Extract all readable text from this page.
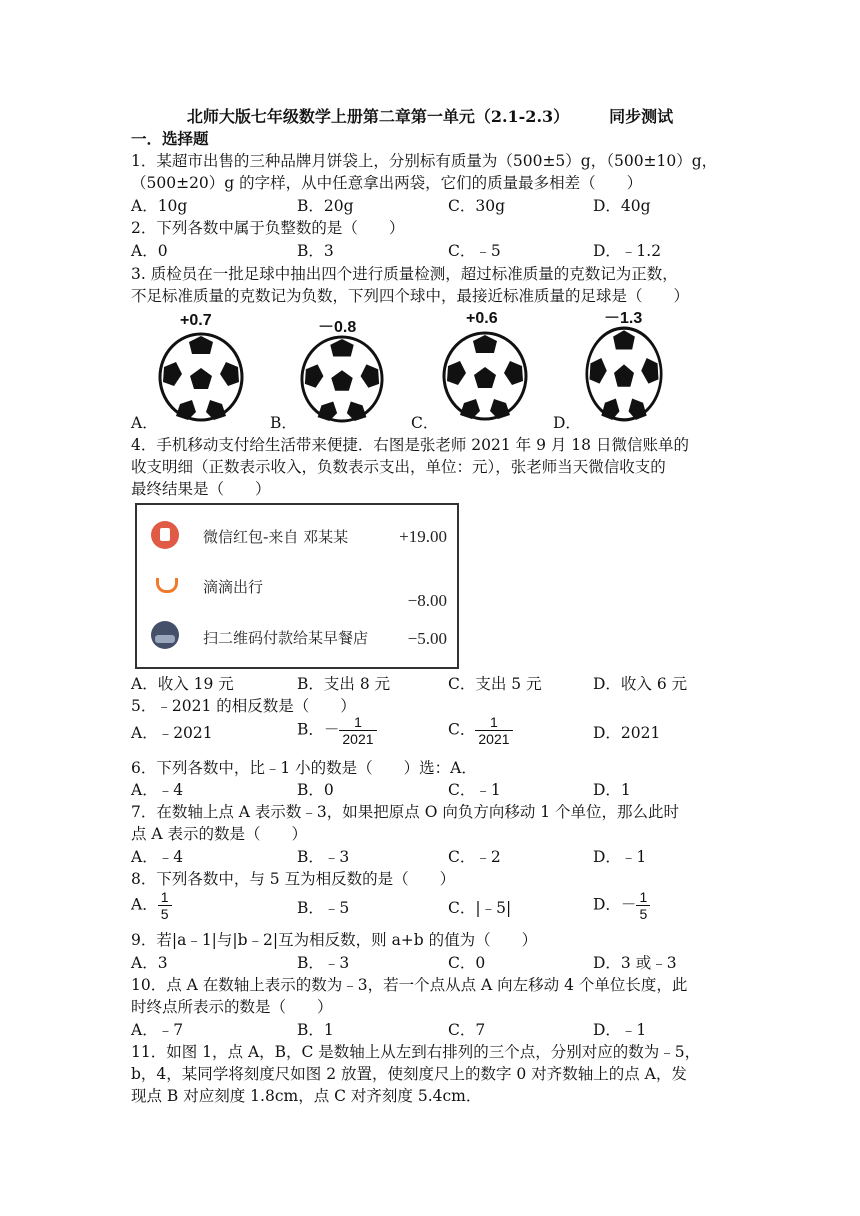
北师大版七年级数学上册第二章第一单元（2.1-2.3）	同步测试
一．选择题
1．某超市出售的三种品牌月饼袋上，分别标有质量为（500±5）g，（500±10）g，
（500±20）g 的字样，从中任意拿出两袋，它们的质量最多相差（　　）
A．10g	B．20g	C．30g	D．40g
2．下列各数中属于负整数的是（　　）
A．0	B．3	C．﹣5	D．﹣1.2
3. 质检员在一批足球中抽出四个进行质量检测，超过标准质量的克数记为正数，
不足标准质量的克数记为负数，下列四个球中，最接近标准质量的足球是（　　）
+0.7	－0.8
+0.6	－1.3
A．	B．	C．	D．
4．手机移动支付给生活带来便捷．右图是张老师 2021 年 9 月 18 日微信账单的
收支明细（正数表示收入，负数表示支出，单位：元），张老师当天微信收支的
最终结果是（　　）
微信红包-来自 邓某某	+19.00
滴滴出行
−8.00
扫二维码付款给某早餐店 −5.00
A．收入 19 元	B．支出 8 元	C．支出 5 元	D．收入 6 元
5．﹣2021 的相反数是（　　）
A．﹣2021	B．－ $\frac{1}{2021}$	C． $\frac{1}{2021}$	D．2021
6．下列各数中，比﹣1 小的数是（　　）选：A．
A．﹣4	B．0	C．﹣1	D．1
7．在数轴上点 A 表示数﹣3，如果把原点 O 向负方向移动 1 个单位，那么此时
点 A 表示的数是（　　）
A．﹣4	B．﹣3	C．﹣2	D．﹣1
8．下列各数中，与 5 互为相反数的是（　　）
A． $\frac{1}{5}$	B．﹣5	C．|﹣5|	D．－ $\frac{1}{5}$
9．若|a﹣1|与|b﹣2|互为相反数，则 a+b 的值为（　　）
A．3	B．﹣3	C．0	D．3 或﹣3
10．点 A 在数轴上表示的数为﹣3，若一个点从点 A 向左移动 4 个单位长度，此
时终点所表示的数是（　　）
A．﹣7	B．1	C．7	D．﹣1
11．如图 1，点 A，B，C 是数轴上从左到右排列的三个点，分别对应的数为﹣5，
b，4，某同学将刻度尺如图 2 放置，使刻度尺上的数字 0 对齐数轴上的点 A，发
现点 B 对应刻度 1.8cm，点 C 对齐刻度 5.4cm．
